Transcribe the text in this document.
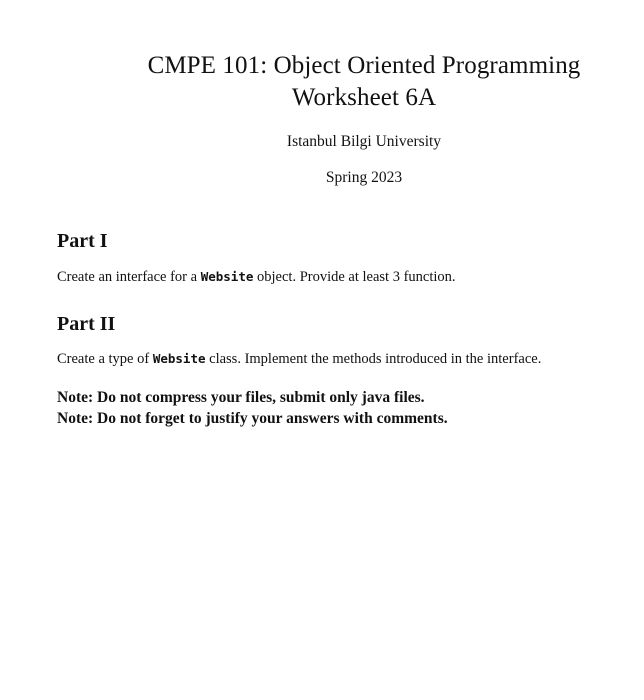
CMPE 101: Object Oriented Programming
Worksheet 6A
Istanbul Bilgi University
Spring 2023
Part I
Create an interface for a Website object. Provide at least 3 function.
Part II
Create a type of Website class. Implement the methods introduced in the interface.
Note: Do not compress your files, submit only java files.
Note: Do not forget to justify your answers with comments.
